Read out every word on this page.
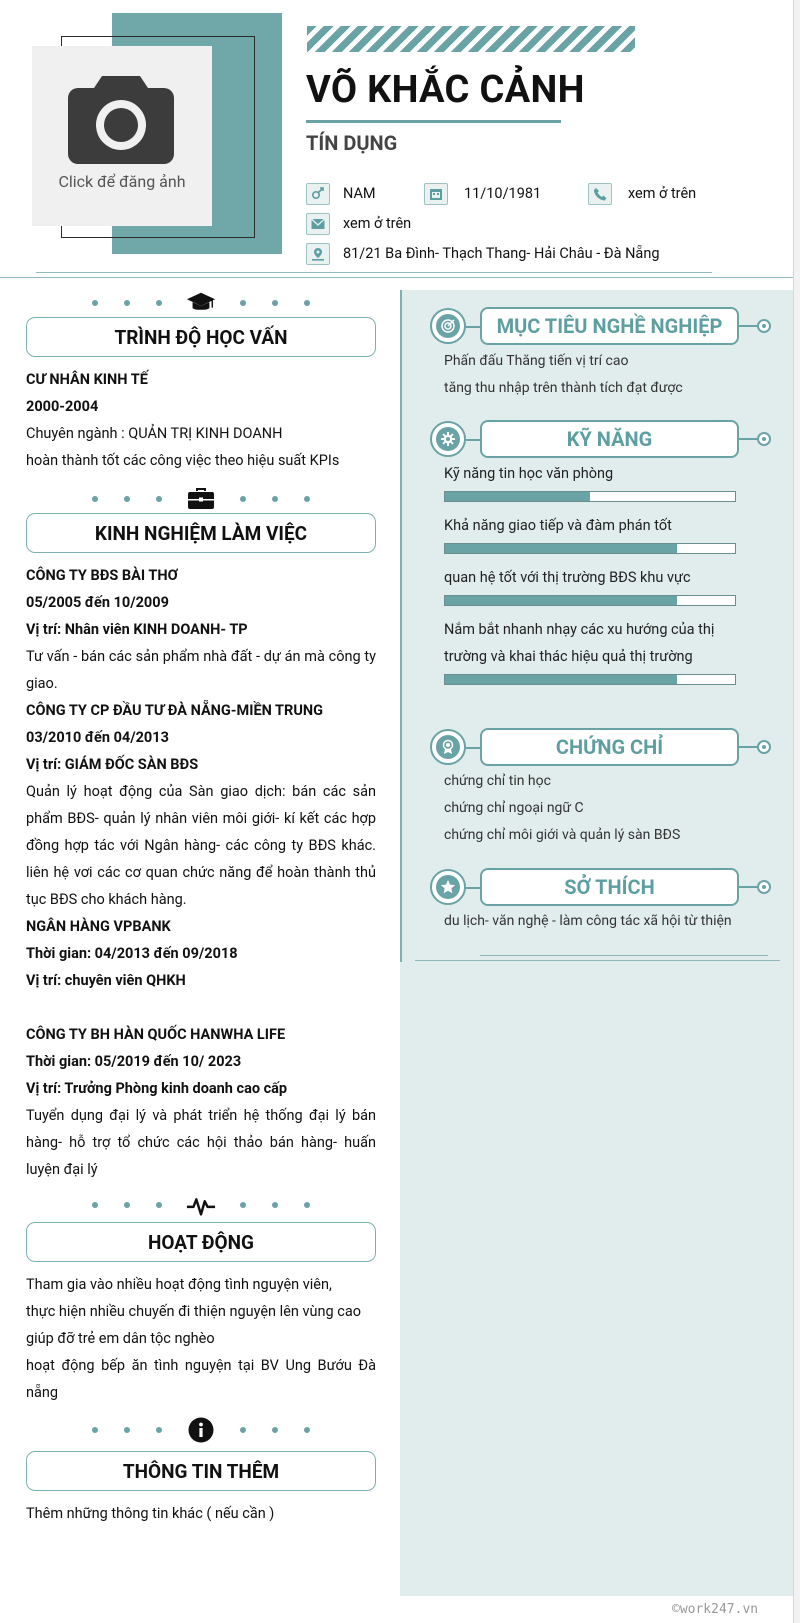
Click để đăng ảnh
VÕ KHẮC CẢNH
TÍN DỤNG
NAM	11/10/1981	xem ở trên
xem ở trên
81/21 Ba Đình- Thạch Thang- Hải Châu - Đà Nẵng
TRÌNH ĐỘ HỌC VẤN
CƯ NHÂN KINH TẾ
2000-2004
Chuyên ngành : QUẢN TRỊ KINH DOANH
hoàn thành tốt các công việc theo hiệu suất KPIs
KINH NGHIỆM LÀM VIỆC
CÔNG TY BĐS BÀI THƠ
05/2005 đến 10/2009
Vị trí: Nhân viên KINH DOANH- TP
Tư vấn - bán các sản phẩm nhà đất - dự án mà công ty giao.
CÔNG TY CP ĐẦU TƯ ĐÀ NẴNG-MIỀN TRUNG
03/2010 đến 04/2013
Vị trí: GIÁM ĐỐC SÀN BĐS
Quản lý hoạt động của Sàn giao dịch: bán các sản phẩm BĐS- quản lý nhân viên môi giới- kí kết các hợp đồng hợp tác với Ngân hàng- các công ty BĐS khác. liên hệ vơi các cơ quan chức năng để hoàn thành thủ tục BĐS cho khách hàng.
NGÂN HÀNG VPBANK
Thời gian: 04/2013 đến 09/2018
Vị trí: chuyên viên QHKH
CÔNG TY BH HÀN QUỐC HANWHA LIFE
Thời gian: 05/2019 đến 10/ 2023
Vị trí: Trưởng Phòng kinh doanh cao cấp
Tuyển dụng đại lý và phát triển hệ thống đại lý bán hàng- hỗ trợ tổ chức các hội thảo bán hàng- huấn luyện đại lý
HOẠT ĐỘNG
Tham gia vào nhiều hoạt động tình nguyện viên,
thực hiện nhiều chuyến đi thiện nguyện lên vùng cao giúp đỡ trẻ em dân tộc nghèo
hoạt động bếp ăn tình nguyện tại BV Ung Bướu Đà nẵng
THÔNG TIN THÊM
Thêm những thông tin khác ( nếu cần )
MỤC TIÊU NGHỀ NGHIỆP
Phấn đấu Thăng tiến vị trí cao
tăng thu nhập trên thành tích đạt được
KỸ NĂNG
Kỹ năng tin học văn phòng
Khả năng giao tiếp và đàm phán tốt
quan hệ tốt với thị trường BĐS khu vực
Nắm bắt nhanh nhạy các xu hướng của thị trường và khai thác hiệu quả thị trường
CHỨNG CHỈ
chứng chỉ tin học
chứng chỉ ngoại ngữ C
chứng chỉ môi giới và quản lý sàn BĐS
SỞ THÍCH
du lịch- văn nghệ - làm công tác xã hội từ thiện
©work247.vn
